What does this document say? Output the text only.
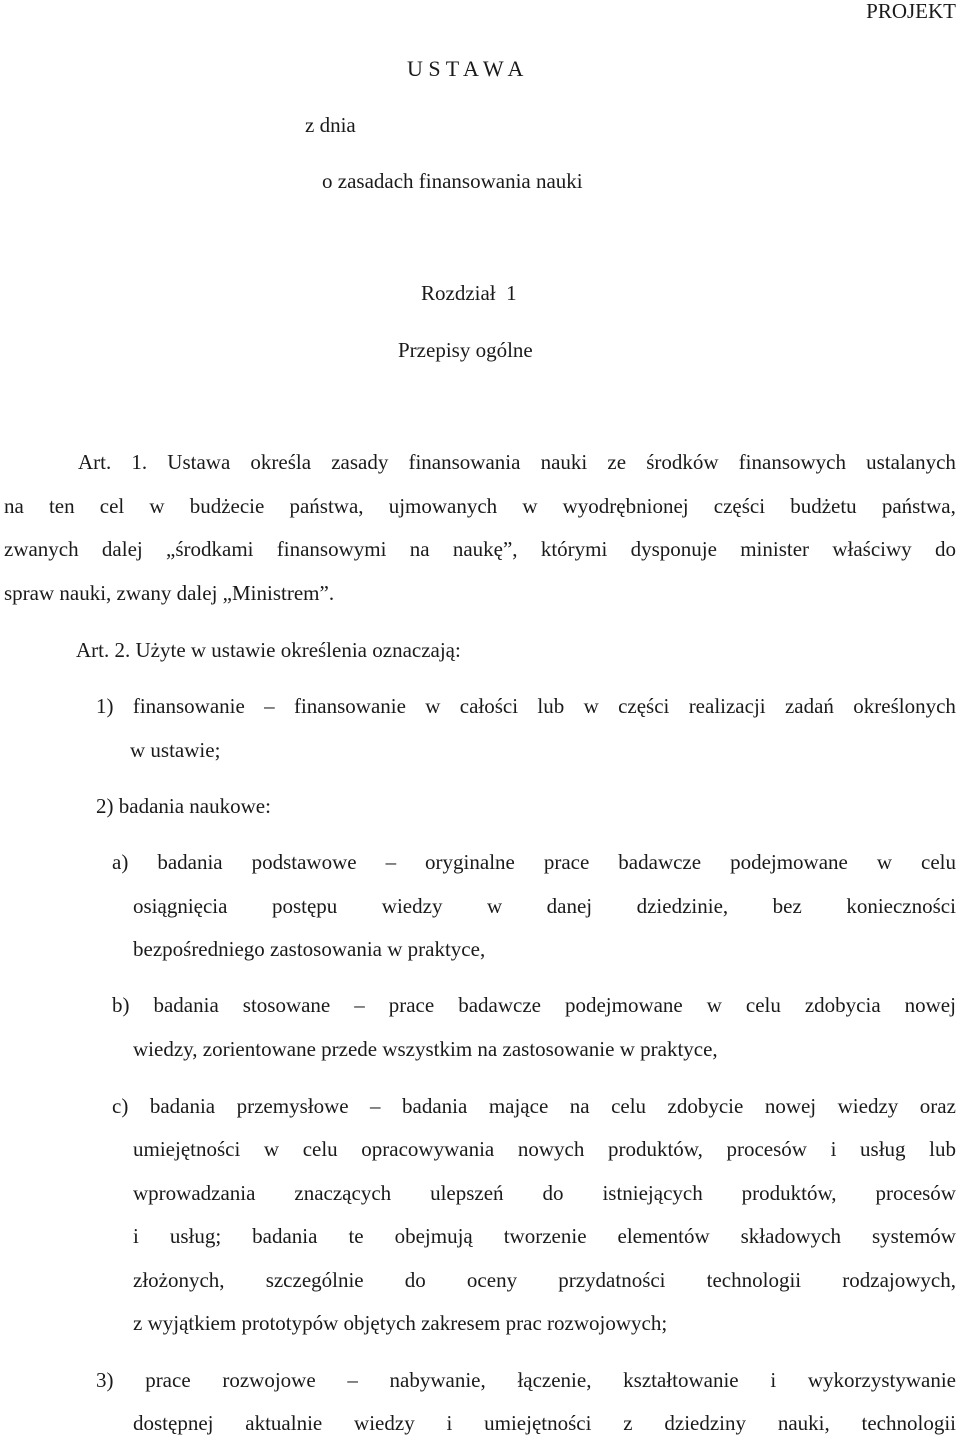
PROJEKT
U S T A W A
z dnia
o zasadach finansowania nauki
Rozdział  1
Przepisy ogólne
Art. 1. Ustawa określa zasady finansowania nauki ze środków finansowych ustalanych
na ten cel w budżecie państwa, ujmowanych w wyodrębnionej części budżetu państwa,
zwanych dalej „środkami finansowymi na naukę”, którymi dysponuje minister właściwy do
spraw nauki, zwany dalej „Ministrem”.
Art. 2. Użyte w ustawie określenia oznaczają:
1) finansowanie – finansowanie w całości lub w części realizacji zadań określonych
w ustawie;
2) badania naukowe:
a) badania podstawowe – oryginalne prace badawcze podejmowane w celu
osiągnięcia postępu wiedzy w danej dziedzinie, bez konieczności
bezpośredniego zastosowania w praktyce,
b) badania stosowane – prace badawcze podejmowane w celu zdobycia nowej
wiedzy, zorientowane przede wszystkim na zastosowanie w praktyce,
c) badania przemysłowe – badania mające na celu zdobycie nowej wiedzy oraz
umiejętności w celu opracowywania nowych produktów, procesów i usług lub
wprowadzania znaczących ulepszeń do istniejących produktów, procesów
i usług; badania te obejmują tworzenie elementów składowych systemów
złożonych, szczególnie do oceny przydatności technologii rodzajowych,
z wyjątkiem prototypów objętych zakresem prac rozwojowych;
3) prace rozwojowe – nabywanie, łączenie, kształtowanie i wykorzystywanie
dostępnej aktualnie wiedzy i umiejętności z dziedziny nauki, technologii
